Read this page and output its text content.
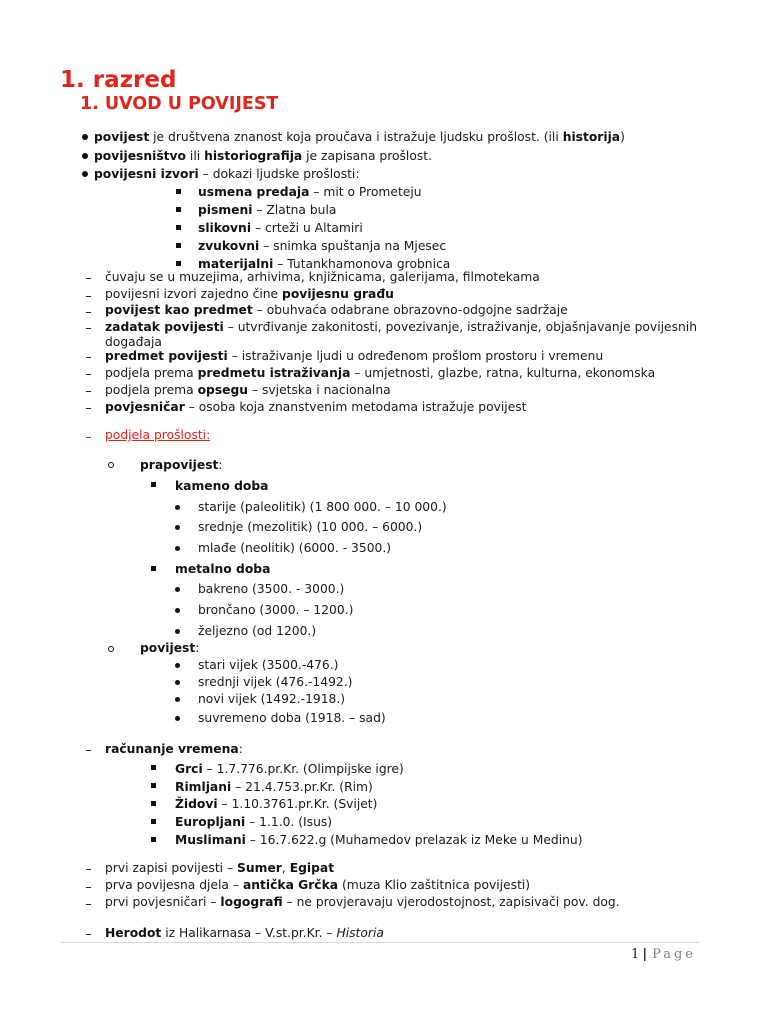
1. razred
1. UVOD U POVIJEST
povijest je društvena znanost koja proučava i istražuje ljudsku prošlost. (ili historija)
povijesništvo ili historiografija je zapisana prošlost.
povijesni izvori – dokazi ljudske prošlosti:
usmena predaja – mit o Prometeju
pismeni – Zlatna bula
slikovni – crteži u Altamiri
zvukovni – snimka spuštanja na Mjesec
materijalni – Tutankhamonova grobnica
čuvaju se u muzejima, arhivima, knjižnicama, galerijama, filmotekama
povijesni izvori zajedno čine povijesnu građu
povijest kao predmet – obuhvaća odabrane obrazovno-odgojne sadržaje
zadatak povijesti – utvrđivanje zakonitosti, povezivanje, istraživanje, objašnjavanje povijesnih događaja
predmet povijesti – istraživanje ljudi u određenom prošlom prostoru i vremenu
podjela prema predmetu istraživanja – umjetnosti, glazbe, ratna, kulturna, ekonomska
podjela prema opsegu – svjetska i nacionalna
povjesničar – osoba koja znanstvenim metodama istražuje povijest
podjela prošlosti:
prapovijest:
kameno doba
starije (paleolitik) (1 800 000. – 10 000.)
srednje (mezolitik) (10 000. – 6000.)
mlađe (neolitik) (6000. - 3500.)
metalno doba
bakreno (3500. - 3000.)
brončano (3000. – 1200.)
željezno (od 1200.)
povijest:
stari vijek (3500.-476.)
srednji vijek (476.-1492.)
novi vijek (1492.-1918.)
suvremeno doba (1918. – sad)
računanje vremena:
Grci – 1.7.776.pr.Kr. (Olimpijske igre)
Rimljani – 21.4.753.pr.Kr. (Rim)
Židovi – 1.10.3761.pr.Kr. (Svijet)
Europljani – 1.1.0. (Isus)
Muslimani – 16.7.622.g (Muhamedov prelazak iz Meke u Medinu)
prvi zapisi povijesti – Sumer, Egipat
prva povijesna djela – antička Grčka (muza Klio zaštitnica povijesti)
prvi povjesničari – logografi – ne provjeravaju vjerodostojnost, zapisivači pov. dog.
Herodot iz Halikarnasa – V.st.pr.Kr. – Historia
1 | Page
